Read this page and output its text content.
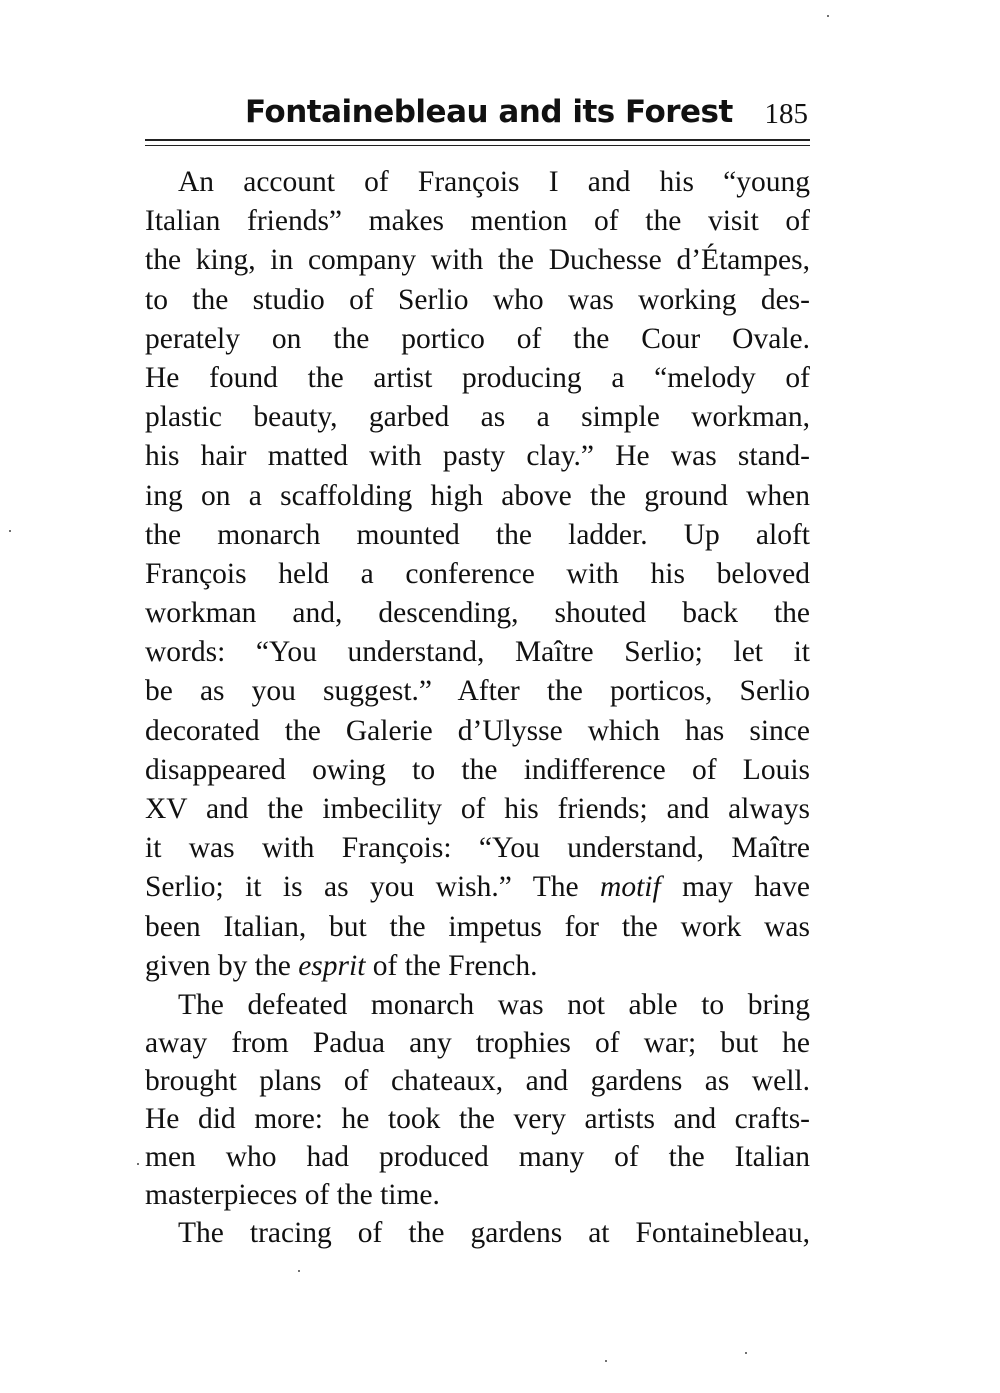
Fontainebleau and its Forest 185
An account of François I and his “young
Italian friends” makes mention of the visit of
the king, in company with the Duchesse d’Étampes,
to the studio of Serlio who was working des-
perately on the portico of the Cour Ovale.
He found the artist producing a “melody of
plastic beauty, garbed as a simple workman,
his hair matted with pasty clay.” He was stand-
ing on a scaffolding high above the ground when
the monarch mounted the ladder. Up aloft
François held a conference with his beloved
workman and, descending, shouted back the
words: “You understand, Maître Serlio; let it
be as you suggest.” After the porticos, Serlio
decorated the Galerie d’Ulysse which has since
disappeared owing to the indifference of Louis
XV and the imbecility of his friends; and always
it was with François: “You understand, Maître
Serlio; it is as you wish.” The motif may have
been Italian, but the impetus for the work was
given by the esprit of the French.
The defeated monarch was not able to bring
away from Padua any trophies of war; but he
brought plans of chateaux, and gardens as well.
He did more: he took the very artists and crafts-
men who had produced many of the Italian
masterpieces of the time.
The tracing of the gardens at Fontainebleau,
